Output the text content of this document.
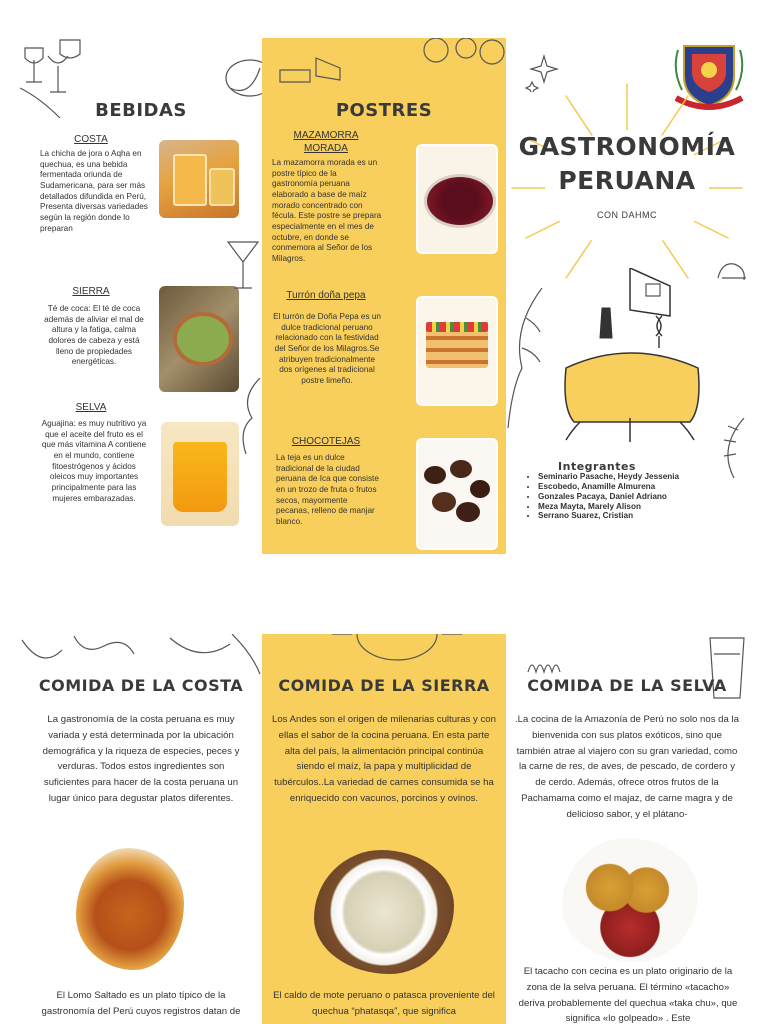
BEBIDAS
COSTA

La chicha de jora o Aqha en quechua, es una bebida fermentada oriunda de Sudamericana, para ser más detallados difundida en Perú, Presenta diversas variedades según la región donde lo preparan

SIERRA

Té de coca: El té de coca además de aliviar el mal de altura y la fatiga, calma dolores de cabeza y está lleno de propiedades energéticas.

SELVA

Aguajina: es muy nutritivo ya que el aceite del fruto es el que más vitamina A contiene en el mundo, contiene fitoestrógenos y ácidos oleicos muy importantes principalmente para las mujeres embarazadas.

POSTRES
MAZAMORRA
MORADA

La mazamorra morada es un postre típico de la gastronomía peruana elaborado a base de maíz morado concentrado con fécula. Este postre se prepara especialmente en el mes de octubre, en donde se conmemora al Señor de los Milagros.

Turrón doña pepa

El turrón de Doña Pepa es un dulce tradicional peruano relacionado con la festividad del Señor de los Milagros.Se atribuyen tradicionalmente dos orígenes al tradicional postre limeño.

CHOCOTEJAS

La teja es un dulce tradicional de la ciudad peruana de Ica que consiste en un trozo de fruta o frutos secos, mayormente pecanas, relleno de manjar blanco.

GASTRONOMÍA
PERUANA
CON DAHMC
Integrantes
• Seminario Pasache, Heydy Jessenia
• Escobedo, Anamille Almurena
• Gonzales Pacaya, Daniel Adriano
• Meza Mayta, Marely Alison
• Serrano Suarez, Cristian
COMIDA DE LA COSTA

La gastronomía de la costa peruana es muy variada y está determinada por la ubicación demográfica y la riqueza de especies, peces y verduras. Todos estos ingredientes son suficientes para hacer de la costa peruana un lugar único para degustar platos diferentes.

El Lomo Saltado es un plato típico de la gastronomía del Perú cuyos registros datan de

COMIDA DE LA SIERRA

Los Andes son el origen de milenarias culturas y con ellas el sabor de la cocina peruana. En esta parte alta del país, la alimentación principal continúa siendo el maíz, la papa y multiplicidad de tubérculos..La variedad de carnes consumida se ha enriquecido con vacunos, porcinos y ovinos.

El caldo de mote peruano o patasca proveniente del quechua “phatasqa”, que significa

COMIDA DE LA SELVA

.La cocina de la Amazonía de Perú no solo nos da la bienvenida con sus platos exóticos, sino que también atrae al viajero con su gran variedad, como la carne de res, de aves, de pescado, de cordero y de cerdo. Además, ofrece otros frutos de la Pachamama como el majaz, de carne magra y de delicioso sabor, y el plátano-

El tacacho con cecina es un plato originario de la zona de la selva peruana. El término «tacacho» deriva probablemente del quechua «taka chu», que significa «lo golpeado» . Este
